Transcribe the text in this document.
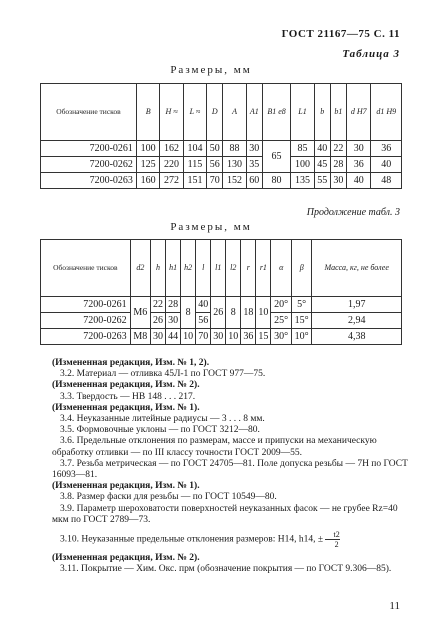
ГОСТ 21167—75 С. 11
Таблица 3
Размеры, мм
Обозначение тисков	B	H ≈	L ≈	D	A	A1	B1 e8	L1	b	b1	d H7	d1 H9
7200-0261	100	162	104	50	88	30	65	85	40	22	30	36
7200-0262	125	220	115	56	130	35		100	45	28	36	40
7200-0263	160	272	151	70	152	60	80	135	55	30	40	48
Продолжение табл. 3
Размеры, мм
Обозначение тисков	d2	h	h1	h2	l	l1	l2	r	r1	α	β	Масса, кг, не более
7200-0261	M6	22	28	8	40	26	8	18	10	20°	5°	1,97
7200-0262		26	30		56					25°	15°	2,94
7200-0263	M8	30	44	10	70	30	10	36	15	30°	10°	4,38

(Измененная редакция, Изм. № 1, 2).

3.2. Материал — отливка 45Л-1 по ГОСТ 977—75.

(Измененная редакция, Изм. № 2).

3.3. Твердость — НВ 148 . . . 217.

(Измененная редакция, Изм. № 1).

3.4. Неуказанные литейные радиусы — 3 . . . 8 мм.

3.5. Формовочные уклоны — по ГОСТ 3212—80.

3.6. Предельные отклонения по размерам, массе и припуски на механическую обработку отливки — по III классу точности ГОСТ 2009—55.

3.7. Резьба метрическая — по ГОСТ 24705—81. Поле допуска резьбы — 7Н по ГОСТ 16093—81.

(Измененная редакция, Изм. № 1).

3.8. Размер фаски для резьбы — по ГОСТ 10549—80.

3.9. Параметр шероховатости поверхностей неуказанных фасок — не грубее Rz=40 мкм по ГОСТ 2789—73.

3.10. Неуказанные предельные отклонения размеров: H14, h14, ± $\frac{t2}{2}$

(Измененная редакция, Изм. № 2).

3.11. Покрытие — Хим. Окс. прм (обозначение покрытия — по ГОСТ 9.306—85).

11
